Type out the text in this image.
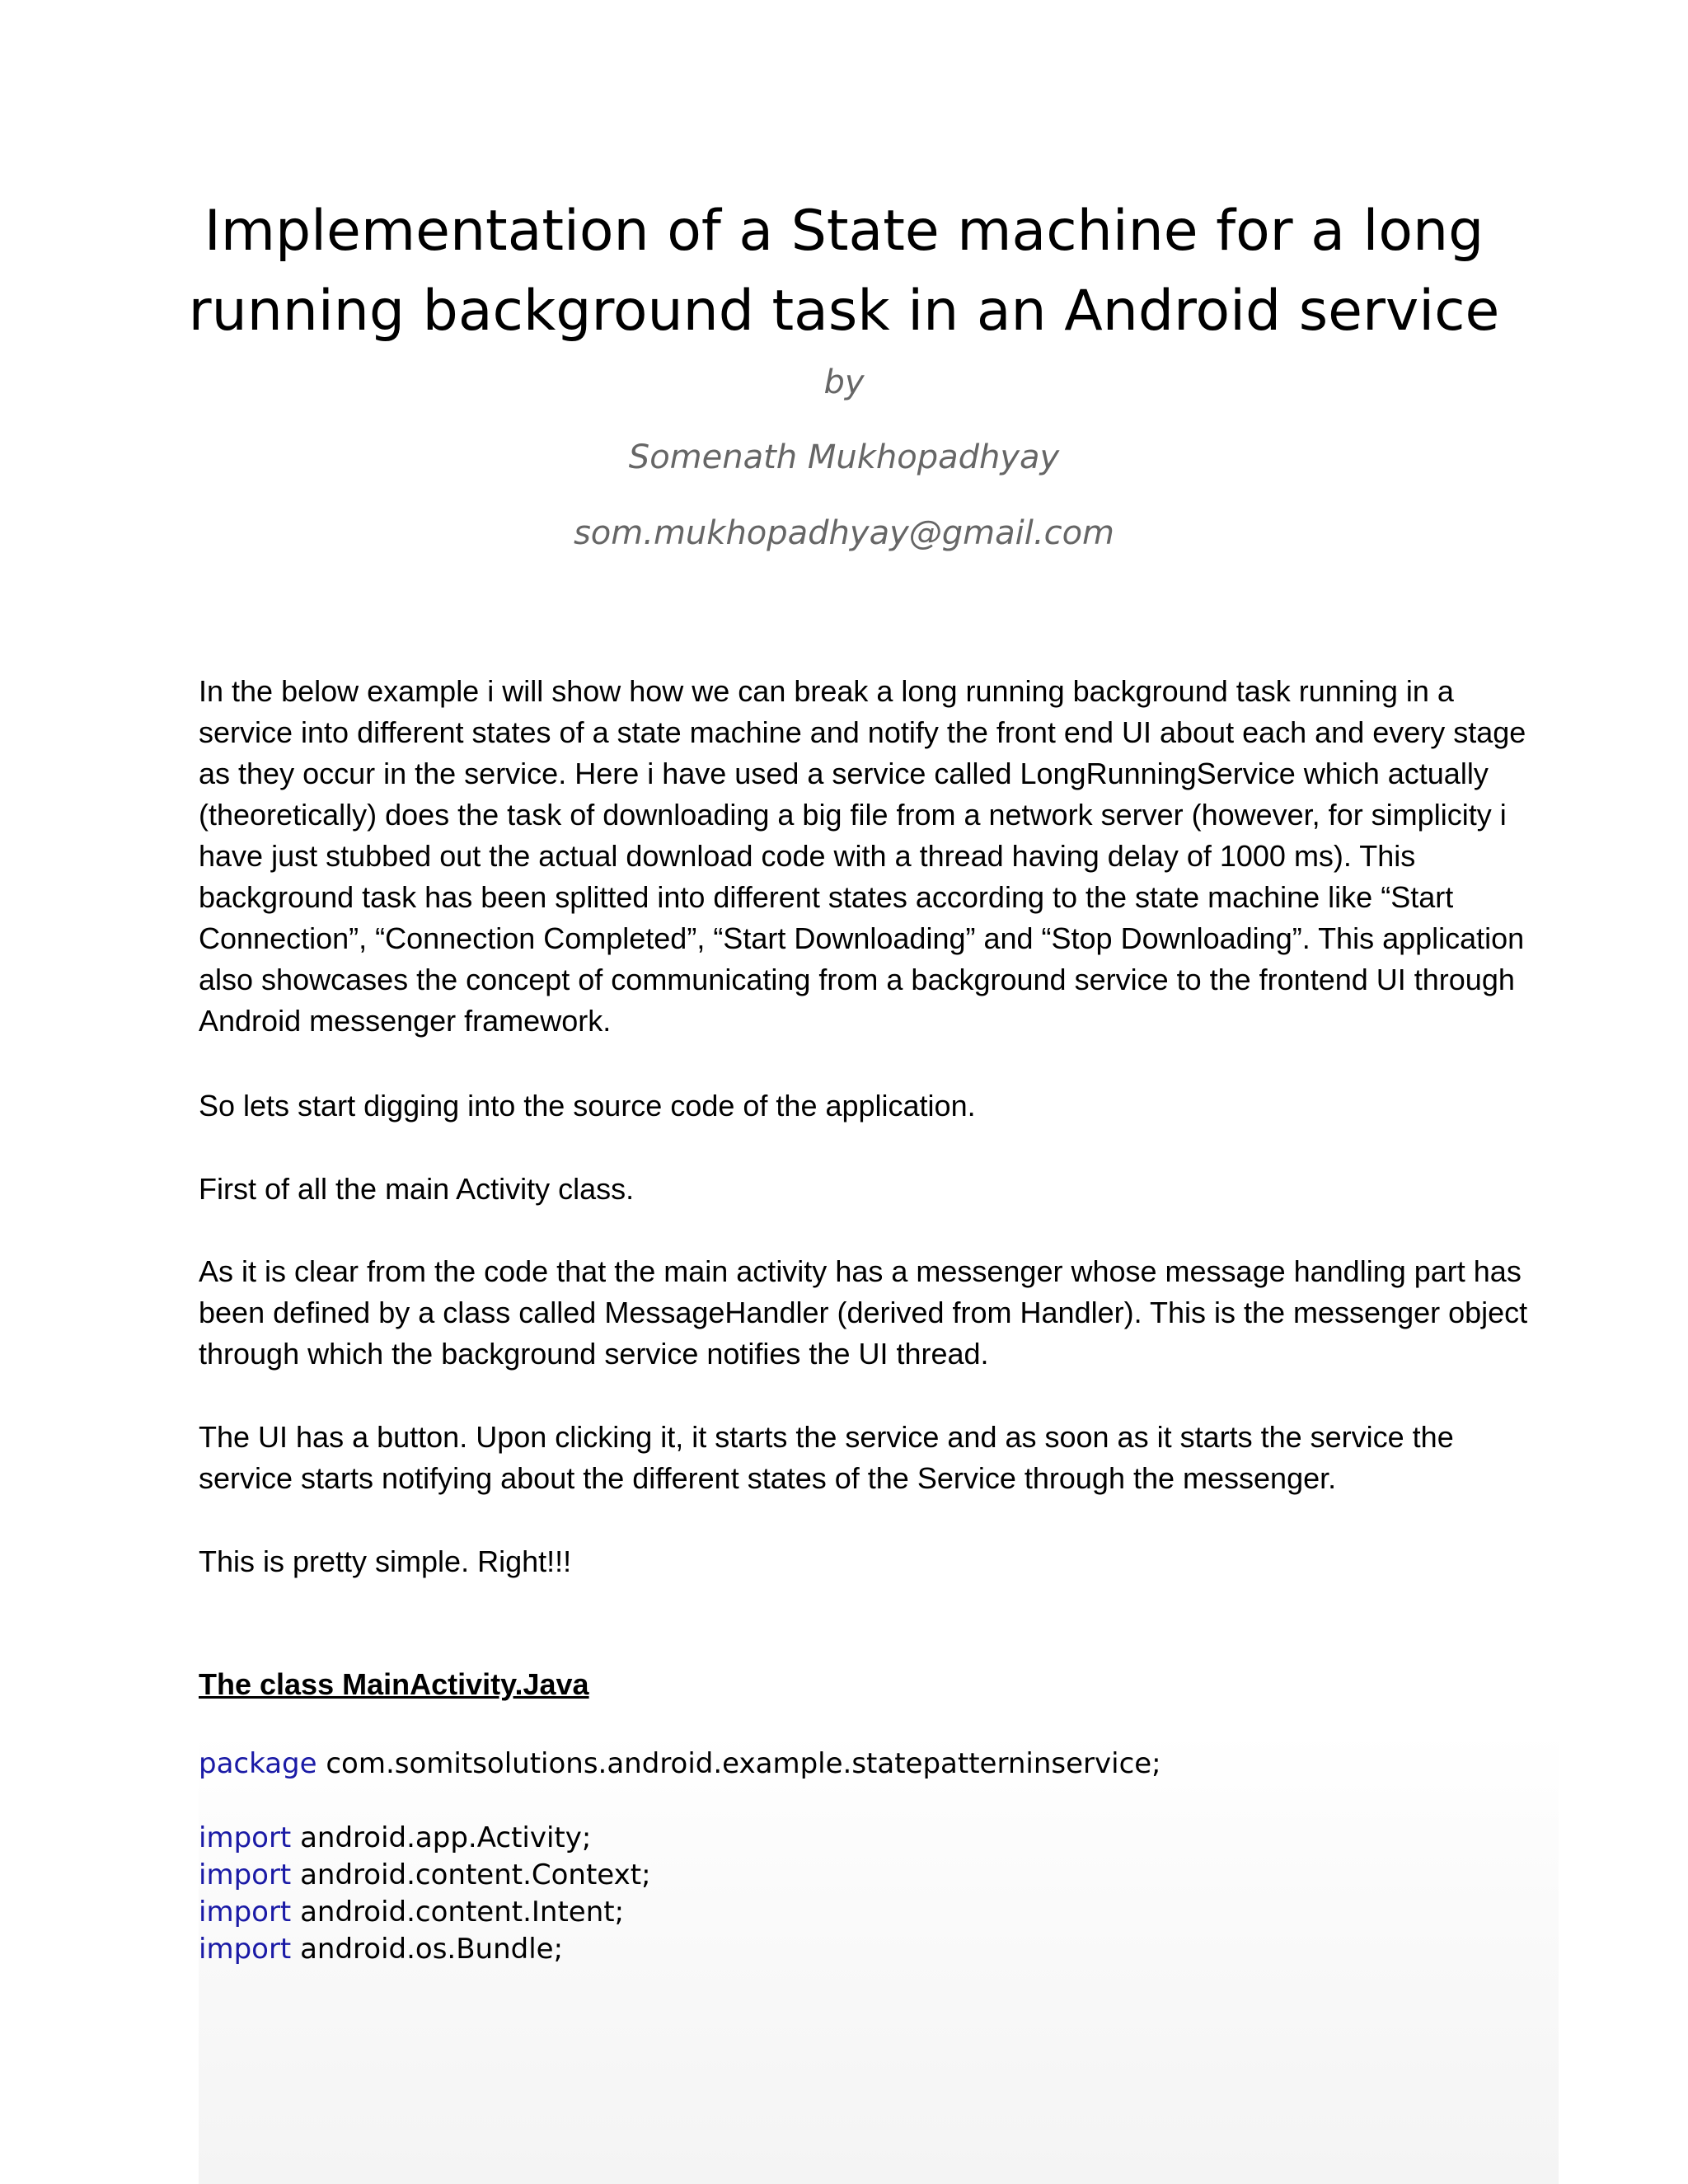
Implementation of a State machine for a long
running background task in an Android service

by

Somenath Mukhopadhyay

som.mukhopadhyay@gmail.com

In the below example i will show how we can break a long running background task running in a service into different states of a state machine and notify the front end UI about each and every stage as they occur in the service. Here i have used a service called LongRunningService which actually (theoretically) does the task of downloading a big file from a network server (however, for simplicity i have just stubbed out the actual download code with a thread having delay of 1000 ms). This background task has been splitted into different states according to the state machine like “Start Connection”, “Connection Completed”, “Start Downloading” and “Stop Downloading”. This application also showcases the concept of communicating from a background service to the frontend UI through Android messenger framework.

So lets start digging into the source code of the application.

First of all the main Activity class.

As it is clear from the code that the main activity has a messenger whose message handling part has been defined by a class called MessageHandler (derived from Handler). This is the messenger object through which the background service notifies the UI thread.

The UI has a button. Upon clicking it, it starts the service and as soon as it starts the service the service starts notifying about the different states of the Service through the messenger.

This is pretty simple. Right!!!

The class MainActivity.Java

package com.somitsolutions.android.example.statepatterninservice;

import android.app.Activity;

import android.content.Context;

import android.content.Intent;

import android.os.Bundle;
